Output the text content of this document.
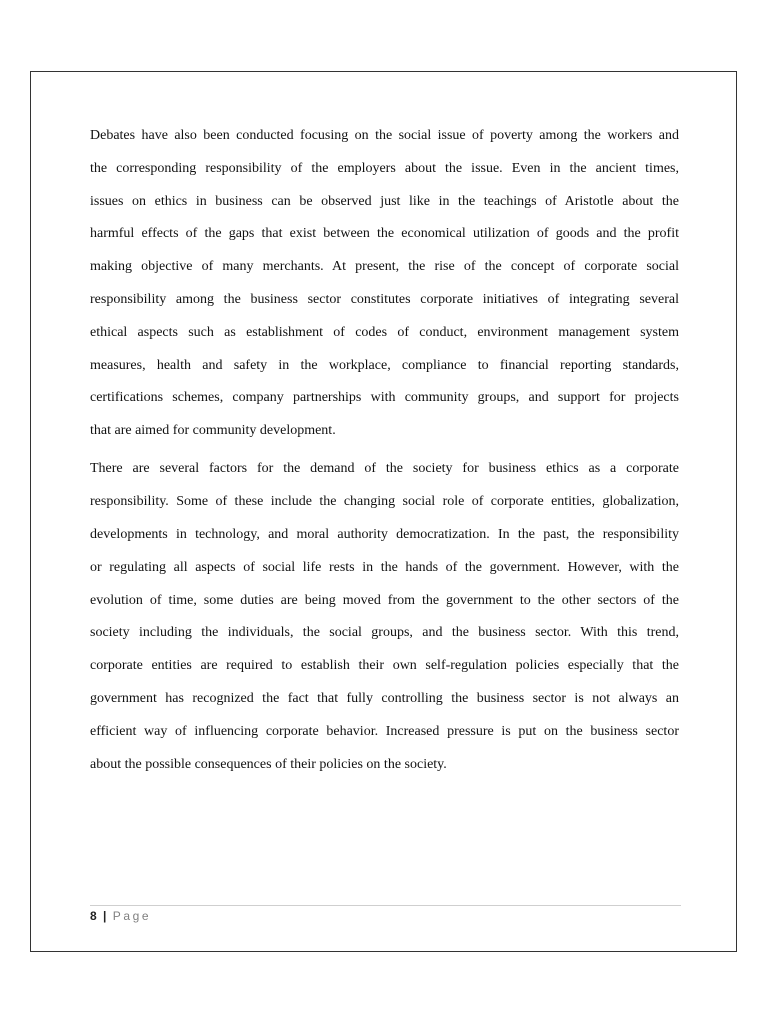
Debates have also been conducted focusing on the social issue of poverty among the workers and
the corresponding responsibility of the employers about the issue. Even in the ancient times,
issues on ethics in business can be observed just like in the teachings of Aristotle about the
harmful effects of the gaps that exist between the economical utilization of goods and the profit
making objective of many merchants. At present, the rise of the concept of corporate social
responsibility among the business sector constitutes corporate initiatives of integrating several
ethical aspects such as establishment of codes of conduct, environment management system
measures, health and safety in the workplace, compliance to financial reporting standards,
certifications schemes, company partnerships with community groups, and support for projects
that are aimed for community development.
There are several factors for the demand of the society for business ethics as a corporate
responsibility. Some of these include the changing social role of corporate entities, globalization,
developments in technology, and moral authority democratization. In the past, the responsibility
or regulating all aspects of social life rests in the hands of the government. However, with the
evolution of time, some duties are being moved from the government to the other sectors of the
society including the individuals, the social groups, and the business sector. With this trend,
corporate entities are required to establish their own self-regulation policies especially that the
government has recognized the fact that fully controlling the business sector is not always an
efficient way of influencing corporate behavior. Increased pressure is put on the business sector
about the possible consequences of their policies on the society.
8 | Page
